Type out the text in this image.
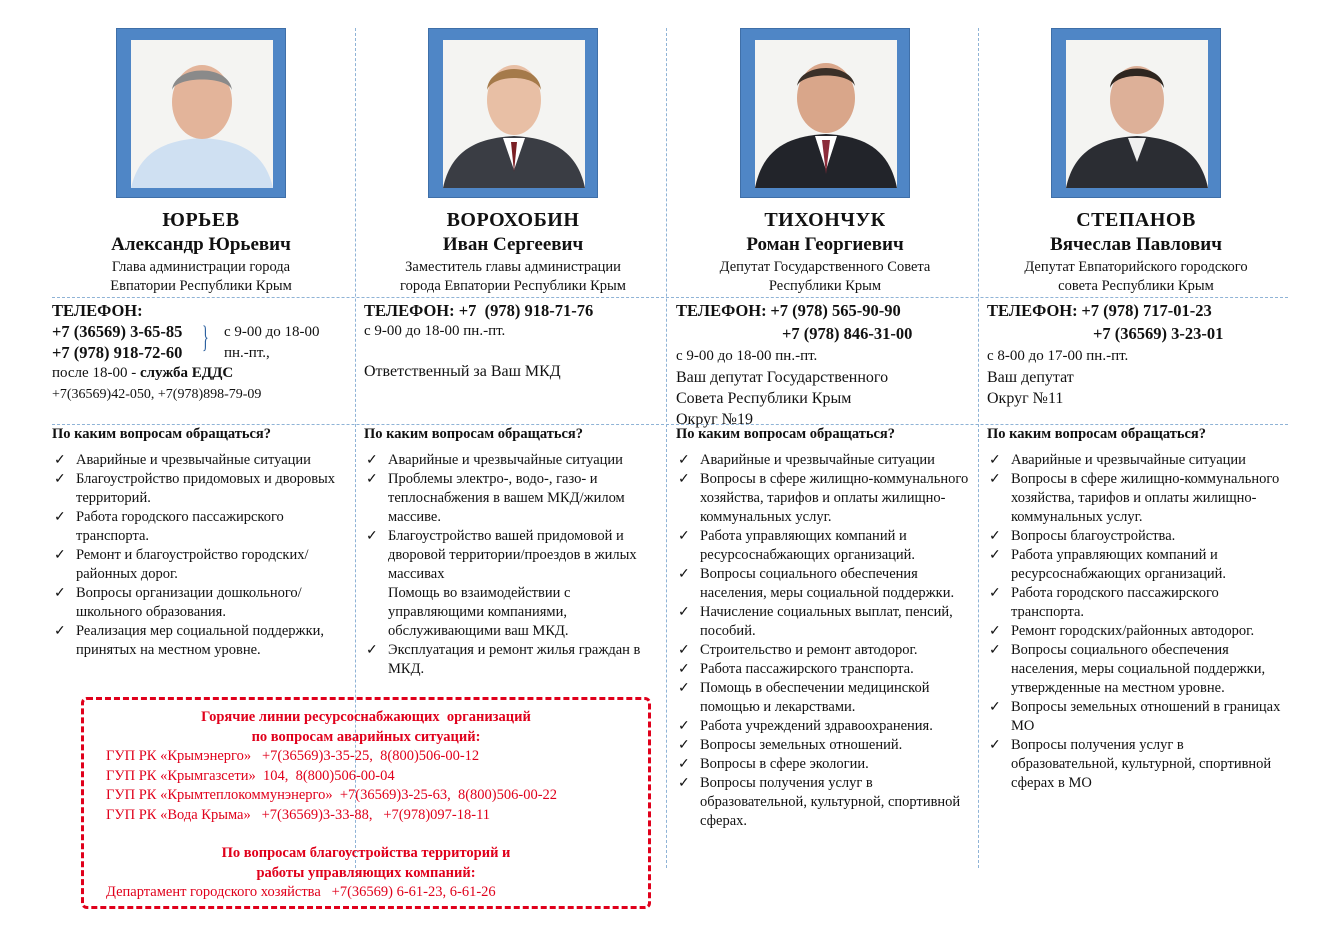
ЮРЬЕВ
Александр Юрьевич
Глава администрации города
Евпатории Республики Крым
ТЕЛЕФОН:
+7 (36569) 3-65-85
+7 (978) 918-72-60 } с 9-00 до 18-00
пн.-пт.,
после 18-00 - служба ЕДДС
+7(36569)42-050, +7(978)898-79-09
По каким вопросам обращаться?
✓ Аварийные и чрезвычайные ситуации
✓ Благоустройство придомовых и дворовых территорий.
✓ Работа городского пассажирского транспорта.
✓ Ремонт и благоустройство городских/районных дорог.
✓ Вопросы организации дошкольного/школьного образования.
✓ Реализация мер социальной поддержки, принятых на местном уровне.
ВОРОХОБИН
Иван Сергеевич
Заместитель главы администрации
города Евпатории Республики Крым
ТЕЛЕФОН: +7  (978) 918-71-76
с 9-00 до 18-00 пн.-пт.
Ответственный за Ваш МКД
По каким вопросам обращаться?
✓ Аварийные и чрезвычайные ситуации
✓ Проблемы электро-, водо-, газо- и теплоснабжения в вашем МКД/жилом массиве.
✓ Благоустройство вашей придомовой и дворовой территории/проездов в жилых массивах
Помощь во взаимодействии с управляющими компаниями, обслуживающими ваш МКД.
✓ Эксплуатация и ремонт жилья граждан в МКД.
ТИХОНЧУК
Роман Георгиевич
Депутат Государственного Совета
Республики Крым
ТЕЛЕФОН: +7 (978) 565-90-90
+7 (978) 846-31-00
с 9-00 до 18-00 пн.-пт.
Ваш депутат Государственного
Совета Республики Крым
Округ №19
По каким вопросам обращаться?
✓ Аварийные и чрезвычайные ситуации
✓ Вопросы в сфере жилищно-коммунального хозяйства, тарифов и оплаты жилищно-коммунальных услуг.
✓ Работа управляющих компаний и ресурсоснабжающих организаций.
✓ Вопросы социального обеспечения населения, меры социальной поддержки.
✓ Начисление социальных выплат, пенсий, пособий.
✓ Строительство и ремонт автодорог.
✓ Работа пассажирского транспорта.
✓ Помощь в обеспечении медицинской помощью и лекарствами.
✓ Работа учреждений здравоохранения.
✓ Вопросы земельных отношений.
✓ Вопросы в сфере экологии.
✓ Вопросы получения услуг в образовательной, культурной, спортивной сферах.
СТЕПАНОВ
Вячеслав Павлович
Депутат Евпаторийского городского
совета Республики Крым
ТЕЛЕФОН: +7 (978) 717-01-23
+7 (36569) 3-23-01
с 8-00 до 17-00 пн.-пт.
Ваш депутат
Округ №11
По каким вопросам обращаться?
✓ Аварийные и чрезвычайные ситуации
✓ Вопросы в сфере жилищно-коммунального хозяйства, тарифов и оплаты жилищно-коммунальных услуг.
✓ Вопросы благоустройства.
✓ Работа управляющих компаний и ресурсоснабжающих организаций.
✓ Работа городского пассажирского транспорта.
✓ Ремонт городских/районных автодорог.
✓ Вопросы социального обеспечения населения, меры социальной поддержки, утвержденные на местном уровне.
✓ Вопросы земельных отношений в границах МО
✓ Вопросы получения услуг в образовательной, культурной, спортивной сферах в МО
Горячие линии ресурсоснабжающих  организаций
по вопросам аварийных ситуаций:
ГУП РК «Крымэнерго»   +7(36569)3-35-25,  8(800)506-00-12
ГУП РК «Крымгазсети»  104,  8(800)506-00-04
ГУП РК «Крымтеплокоммунэнерго»  +7(36569)3-25-63,  8(800)506-00-22
ГУП РК «Вода Крыма»   +7(36569)3-33-88,   +7(978)097-18-11
По вопросам благоустройства территорий и
работы управляющих компаний:
Департамент городского хозяйства   +7(36569) 6-61-23, 6-61-26
